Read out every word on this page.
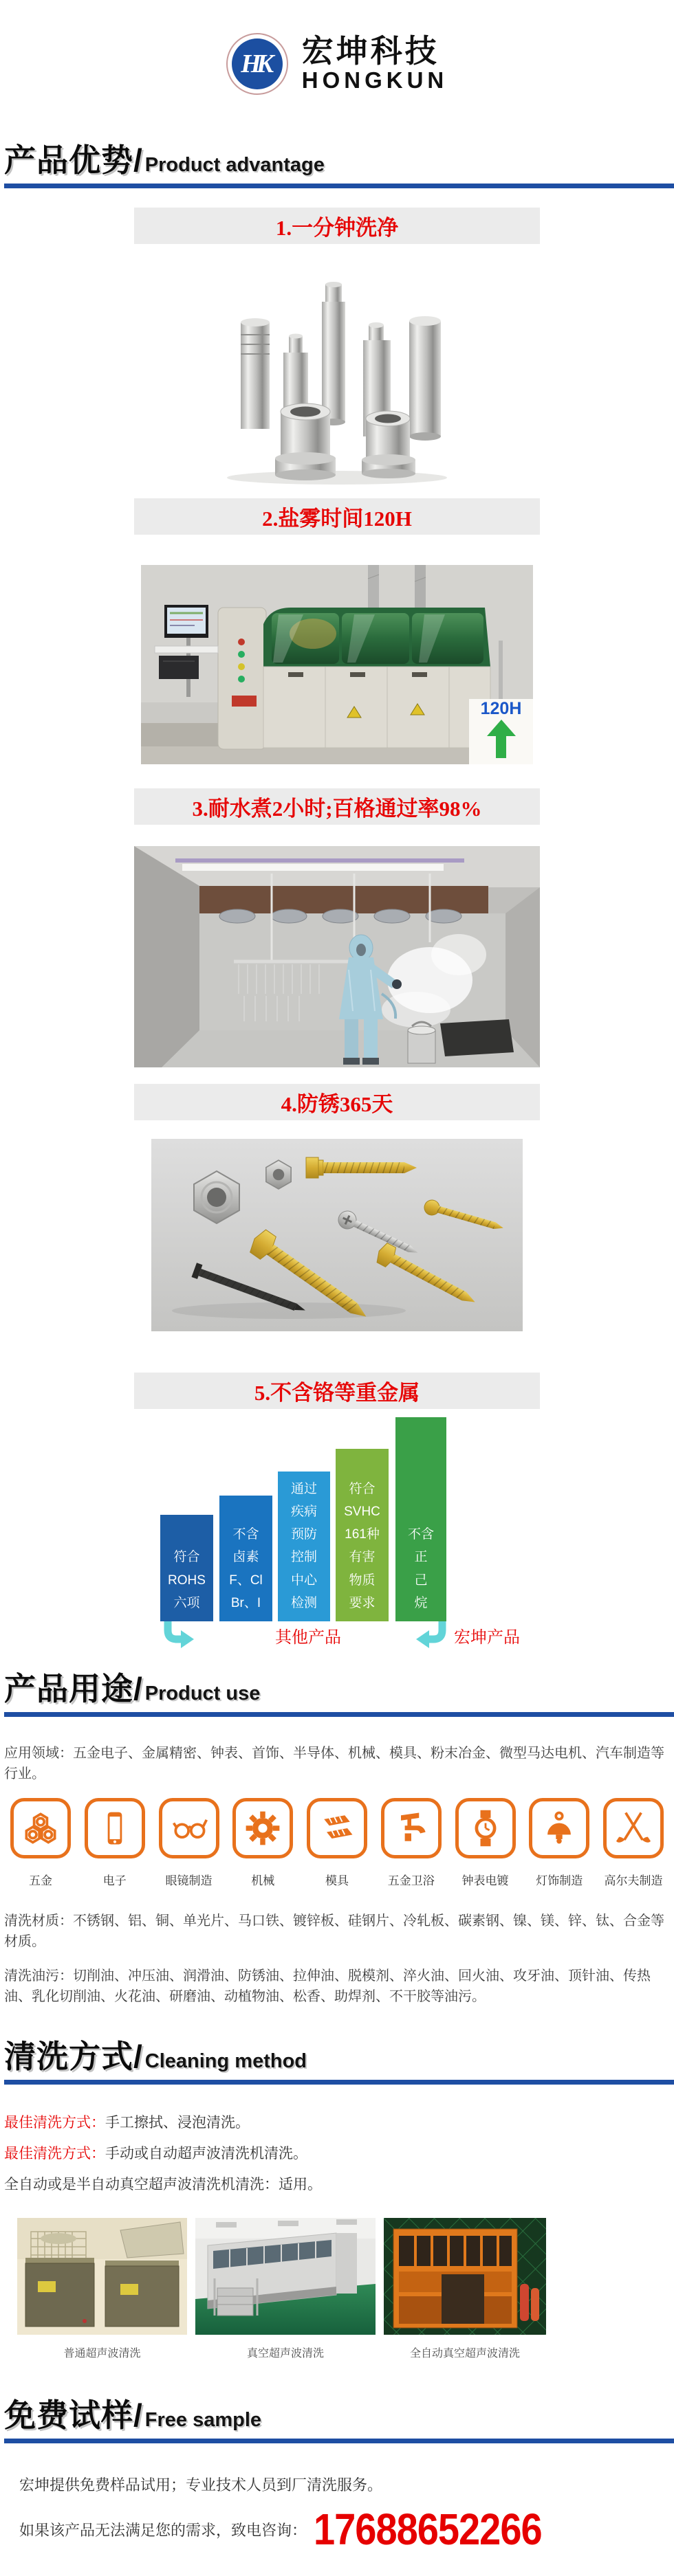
HK 宏坤科技
HONGKUN
产品优势/ Product advantage
1.一分钟洗净
2.盐雾时间120H
120H
3.耐水煮2小时;百格通过率98%
4.防锈365天
5.不含铬等重金属
符合
ROHS
六项
不含
卤素
F、Cl
Br、I
通过
疾病
预防
控制
中心
检测
符合
SVHC
161种
有害
物质
要求
不含
正
己
烷
其他产品	宏坤产品
产品用途/ Product use

应用领域：五金电子、金属精密、钟表、首饰、半导体、机械、模具、粉末冶金、微型马达电机、汽车制造等行业。

五金	电子	眼镜制造	机械	模具	五金卫浴 钟表电镀 灯饰制造 高尔夫制造

清洗材质：不锈钢、铝、铜、单光片、马口铁、镀锌板、硅钢片、冷轧板、碳素钢、镍、镁、锌、钛、合金等材质。

清洗油污：切削油、冲压油、润滑油、防锈油、拉伸油、脱模剂、淬火油、回火油、攻牙油、顶针油、传热油、乳化切削油、火花油、研磨油、动植物油、松香、助焊剂、不干胶等油污。

清洗方式/ Cleaning method

最佳清洗方式：手工擦拭、浸泡清洗。

最佳清洗方式：手动或自动超声波清洗机清洗。

全自动或是半自动真空超声波清洗机清洗：适用。

普通超声波清洗	真空超声波清洗	全自动真空超声波清洗
免费试样/ Free sample

宏坤提供免费样品试用；专业技术人员到厂清洗服务。

如果该产品无法满足您的需求，致电咨询： 17688652266
